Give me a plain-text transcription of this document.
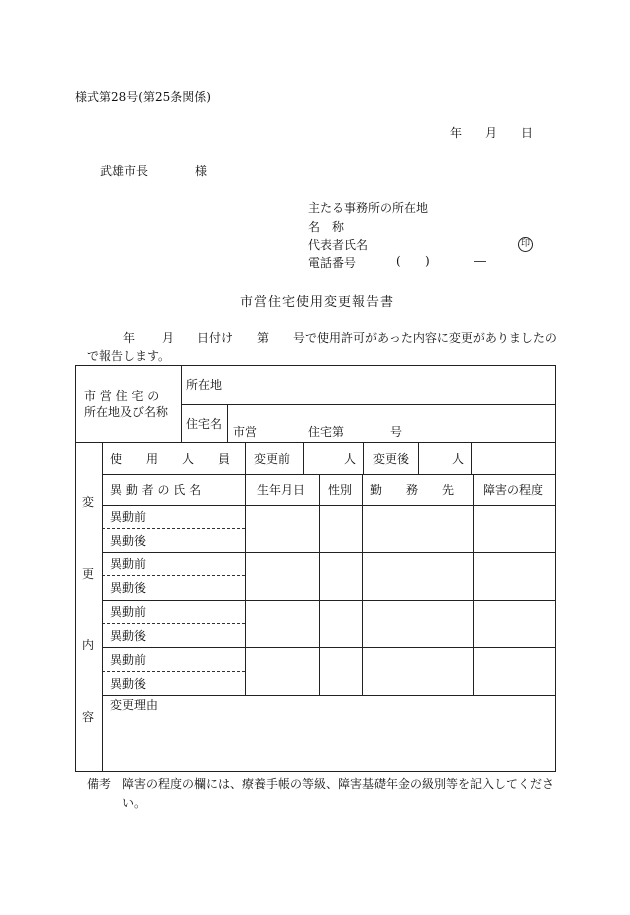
様式第28号(第25条関係)
年 月 日
武雄市長	様
主たる事務所の所在地
名　称
代表者氏名	印
電話番号	( )	―
市営住宅使用変更報告書
年 月 日付け 第 号で使用許可があった内容に変更がありましたの
で報告します。
市 営 住 宅 の
所在地及び名称
所在地
住宅名
市営	住宅第	号
変
更
内
容
使　　用　　人　　員 変更前	人 変更後	人
異 動 者 の 氏 名	生年月日 性別 勤　　務　　先 障害の程度
異動前
異動後
異動前
異動後
異動前
異動後
異動前
異動後
変更理由
備考 障害の程度の欄には、療養手帳の等級、障害基礎年金の級別等を記入してくださ
い。
